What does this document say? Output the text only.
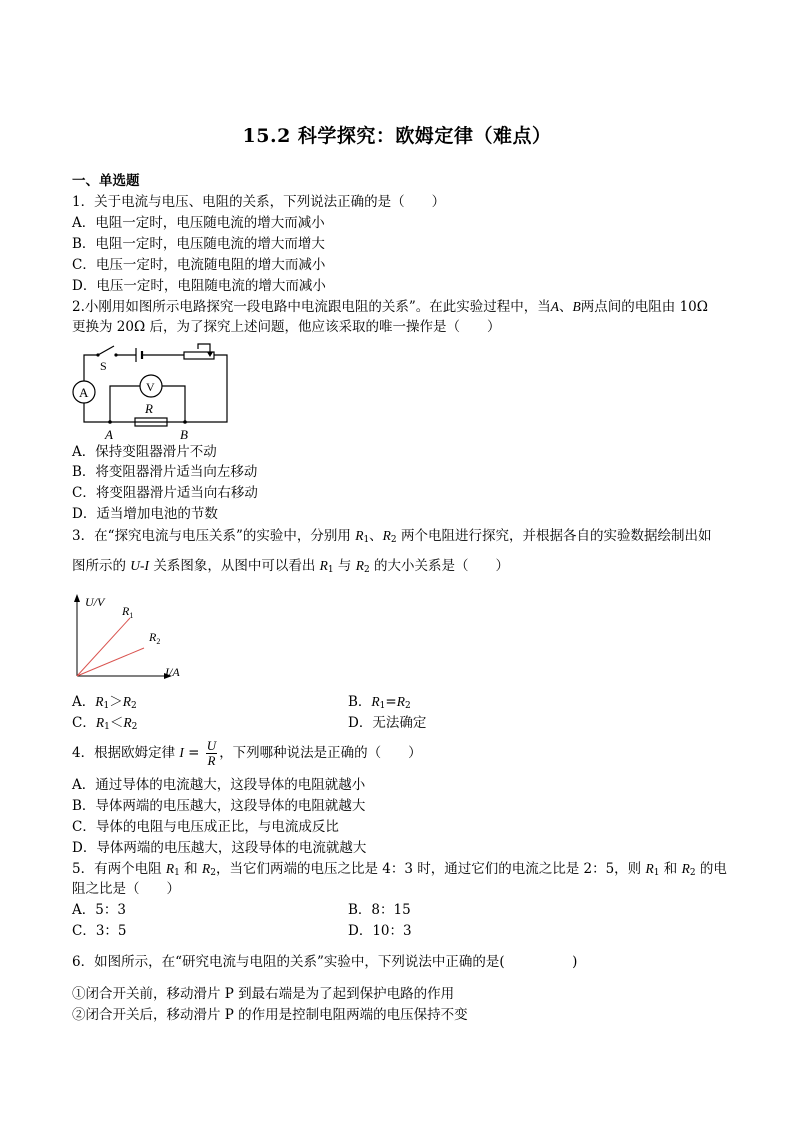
15.2 科学探究：欧姆定律（难点）
一、单选题
1．关于电流与电压、电阻的关系，下列说法正确的是（　　）
A．电阻一定时，电压随电流的增大而减小
B．电阻一定时，电压随电流的增大而增大
C．电压一定时，电流随电阻的增大而减小
D．电压一定时，电阻随电流的增大而减小
2.小刚用如图所示电路探究一段电路中电流跟电阻的关系”。在此实验过程中，当A、B两点间的电阻由 10Ω
更换为 20Ω 后，为了探究上述问题，他应该采取的唯一操作是（　　）
S
A	V
R
A	B
A．保持变阻器滑片不动
B．将变阻器滑片适当向左移动
C．将变阻器滑片适当向右移动
D．适当增加电池的节数
3．在“探究电流与电压关系”的实验中，分别用 $R_1$、$R_2$ 两个电阻进行探究，并根据各自的实验数据绘制出如
图所示的 U-I 关系图象，从图中可以看出 $R_1$ 与 $R_2$ 的大小关系是（　　）
U/V
I/A
$R_1$
$R_2$
A．$R_1>R_2$	B．$R_1=R_2$
C．$R_1<R_2$	D．无法确定
4．根据欧姆定律 $I = \frac{U}{R}$ ，下列哪种说法是正确的（　　）
A．通过导体的电流越大，这段导体的电阻就越小
B．导体两端的电压越大，这段导体的电阻就越大
C．导体的电阻与电压成正比，与电流成反比
D．导体两端的电压越大，这段导体的电流就越大
5．有两个电阻 $R_1$ 和 $R_2$，当它们两端的电压之比是 4：3 时，通过它们的电流之比是 2：5，则 $R_1$ 和 $R_2$ 的电
阻之比是（　　）
A．5：3	B．8：15
C．3：5	D．10：3
6．如图所示，在“研究电流与电阻的关系”实验中，下列说法中正确的是(　　　　　)
①闭合开关前，移动滑片 P 到最右端是为了起到保护电路的作用
②闭合开关后，移动滑片 P 的作用是控制电阻两端的电压保持不变
